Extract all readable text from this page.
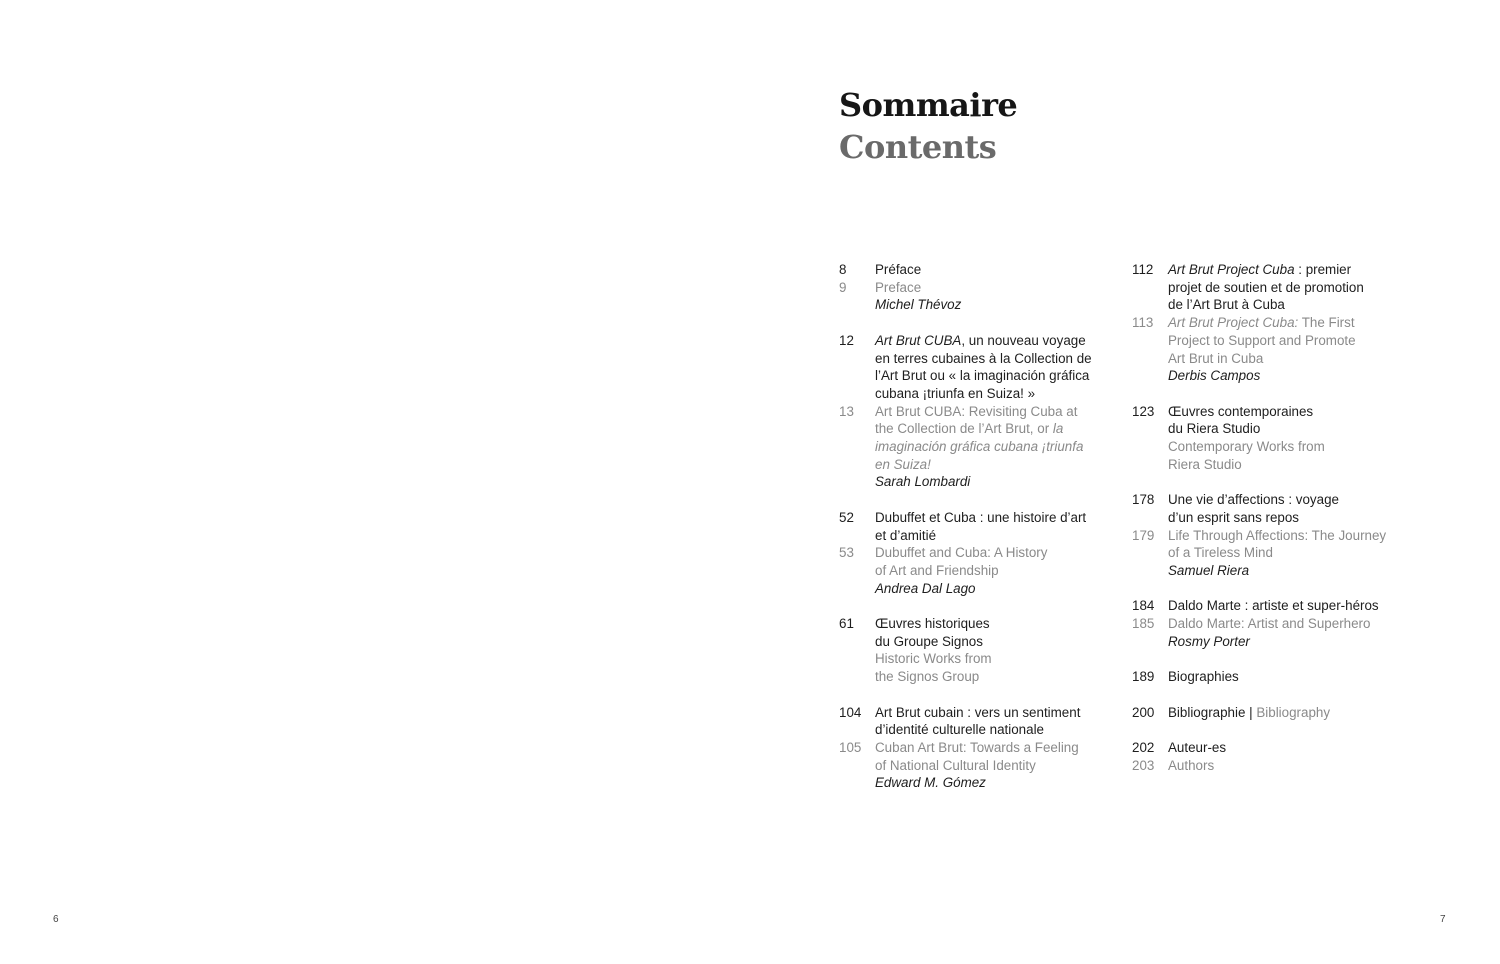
Sommaire
Contents
8 Préface
9 Preface
Michel Thévoz
12 Art Brut CUBA, un nouveau voyage
en terres cubaines à la Collection de
l’Art Brut ou « la imaginación gráfica
cubana ¡triunfa en Suiza! »
13 Art Brut CUBA: Revisiting Cuba at
the Collection de l’Art Brut, or la
imaginación gráfica cubana ¡triunfa
en Suiza!
Sarah Lombardi
52 Dubuffet et Cuba : une histoire d’art
et d’amitié
53 Dubuffet and Cuba: A History
of Art and Friendship
Andrea Dal Lago
61 Œuvres historiques
du Groupe Signos
Historic Works from
the Signos Group
104 Art Brut cubain : vers un sentiment
d’identité culturelle nationale
105 Cuban Art Brut: Towards a Feeling
of National Cultural Identity
Edward M. Gómez
112 Art Brut Project Cuba : premier
projet de soutien et de promotion
de l’Art Brut à Cuba
113 Art Brut Project Cuba: The First
Project to Support and Promote
Art Brut in Cuba
Derbis Campos
123 Œuvres contemporaines
du Riera Studio
Contemporary Works from
Riera Studio
178 Une vie d’affections : voyage
d’un esprit sans repos
179 Life Through Affections: The Journey
of a Tireless Mind
Samuel Riera
184 Daldo Marte : artiste et super-héros
185 Daldo Marte: Artist and Superhero
Rosmy Porter
189 Biographies
200 Bibliographie | Bibliography
202 Auteur-es
203 Authors
6	7
